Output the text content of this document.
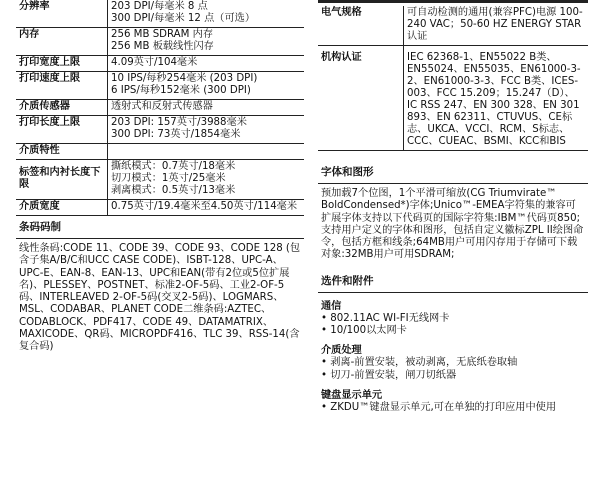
分辨率	203 DPI/每毫米 8 点
300 DPI/每毫米 12 点（可选）

内存	256 MB SDRAM 内存
256 MB 板载线性闪存

打印宽度上限	4.09英寸/104毫米

打印速度上限	10 IPS/每秒254毫米 (203 DPI)
6 IPS/每秒152毫米 (300 DPI)

介质传感器	透射式和反射式传感器

打印长度上限	203 DPI: 157英寸/3988毫米
300 DPI: 73英寸/1854毫米

介质特性	

标签和内衬长度下限	撕纸模式：0.7英寸/18毫米
切刀模式：1英寸/25毫米
剥离模式：0.5英寸/13毫米

介质宽度	0.75英寸/19.4毫米至4.50英寸/114毫米
条码码制
线性条码:CODE 11、CODE 39、CODE 93、CODE 128 (包含子集A/B/C和UCC CASE CODE)、ISBT-128、UPC-A、UPC-E、EAN-8、EAN-13、UPC和EAN(带有2位或5位扩展名)、PLESSEY、POSTNET、标准2-OF-5码、工业2-OF-5码、INTERLEAVED 2-OF-5码(交叉2-5码)、LOGMARS、MSL、CODABAR、PLANET CODE二维条码:AZTEC、CODABLOCK、PDF417、CODE 49、DATAMATRIX、MAXICODE、QR码、MICROPDF416、TLC 39、RSS-14(含复合码)
电气规格	可自动检测的通用(兼容PFC)电源 100-240 VAC；50-60 HZ ENERGY STAR认证
机构认证	IEC 62368-1、EN55022 B类、EN55024、EN55035、EN61000-3-2、EN61000-3-3、FCC B类、ICES-003、FCC 15.209；15.247（D）、IC RSS 247、EN 300 328、EN 301 893、EN 62311、CTUVUS、CE标志、UKCA、VCCI、RCM、S标志、CCC、CUEAC、BSMI、KCC和BIS
字体和图形
预加载7个位图，1个平滑可缩放(CG Triumvirate™ BoldCondensed*)字体;Unico™-EMEA字符集的兼容可扩展字体支持以下代码页的国际字符集:IBM™代码页850;支持用户定义的字体和图形，包括自定义徽标ZPL II绘图命令，包括方框和线条;64MB用户可用闪存用于存储可下载对象:32MB用户可用SDRAM;
选件和附件
通信
• 802.11AC WI-FI无线网卡
• 10/100以太网卡
介质处理
• 剥离-前置安装，被动剥离，无底纸卷取轴
• 切刀-前置安装，闸刀切纸器
键盘显示单元
• ZKDU™键盘显示单元,可在单独的打印应用中使用
